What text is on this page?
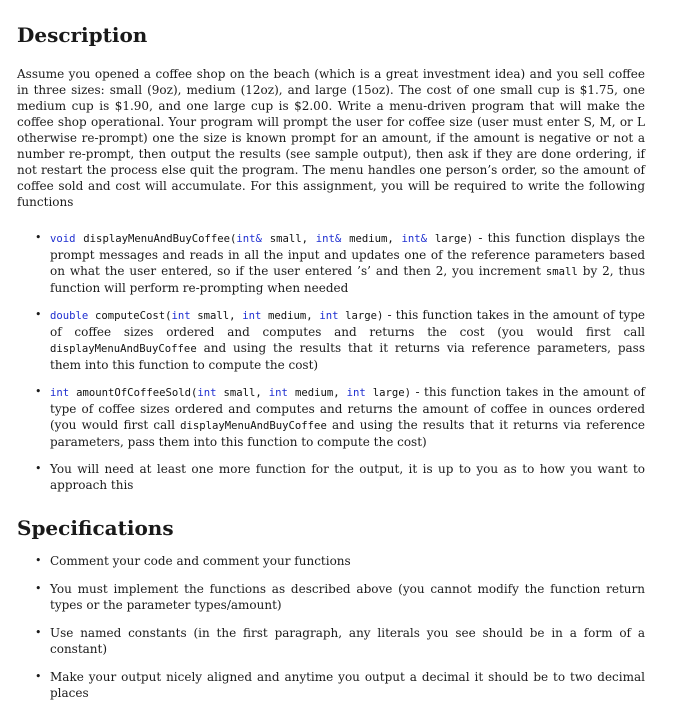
Description

Assume you opened a coffee shop on the beach (which is a great investment idea) and you sell coffee in three sizes: small (9oz), medium (12oz), and large (15oz). The cost of one small cup is $1.75, one medium cup is $1.90, and one large cup is $2.00. Write a menu-driven program that will make the coffee shop operational. Your program will prompt the user for coffee size (user must enter S, M, or L otherwise re-prompt) one the size is known prompt for an amount, if the amount is negative or not a number re-prompt, then output the results (see sample output), then ask if they are done ordering, if not restart the process else quit the program. The menu handles one person’s order, so the amount of coffee sold and cost will accumulate. For this assignment, you will be required to write the following functions

• void displayMenuAndBuyCoffee(int& small, int& medium, int& large) - this function displays the prompt messages and reads in all the input and updates one of the reference parameters based on what the user entered, so if the user entered ’s’ and then 2, you increment small by 2, thus function will perform re-prompting when needed
• double computeCost(int small, int medium, int large) - this function takes in the amount of type of coffee sizes ordered and computes and returns the cost (you would first call displayMenuAndBuyCoffee and using the results that it returns via reference parameters, pass them into this function to compute the cost)
• int amountOfCoffeeSold(int small, int medium, int large) - this function takes in the amount of type of coffee sizes ordered and computes and returns the amount of coffee in ounces ordered (you would first call displayMenuAndBuyCoffee and using the results that it returns via reference parameters, pass them into this function to compute the cost)
• You will need at least one more function for the output, it is up to you as to how you want to approach this
Specifications
• Comment your code and comment your functions
• You must implement the functions as described above (you cannot modify the function return types or the parameter types/amount)
• Use named constants (in the first paragraph, any literals you see should be in a form of a constant)
• Make your output nicely aligned and anytime you output a decimal it should be to two decimal places
